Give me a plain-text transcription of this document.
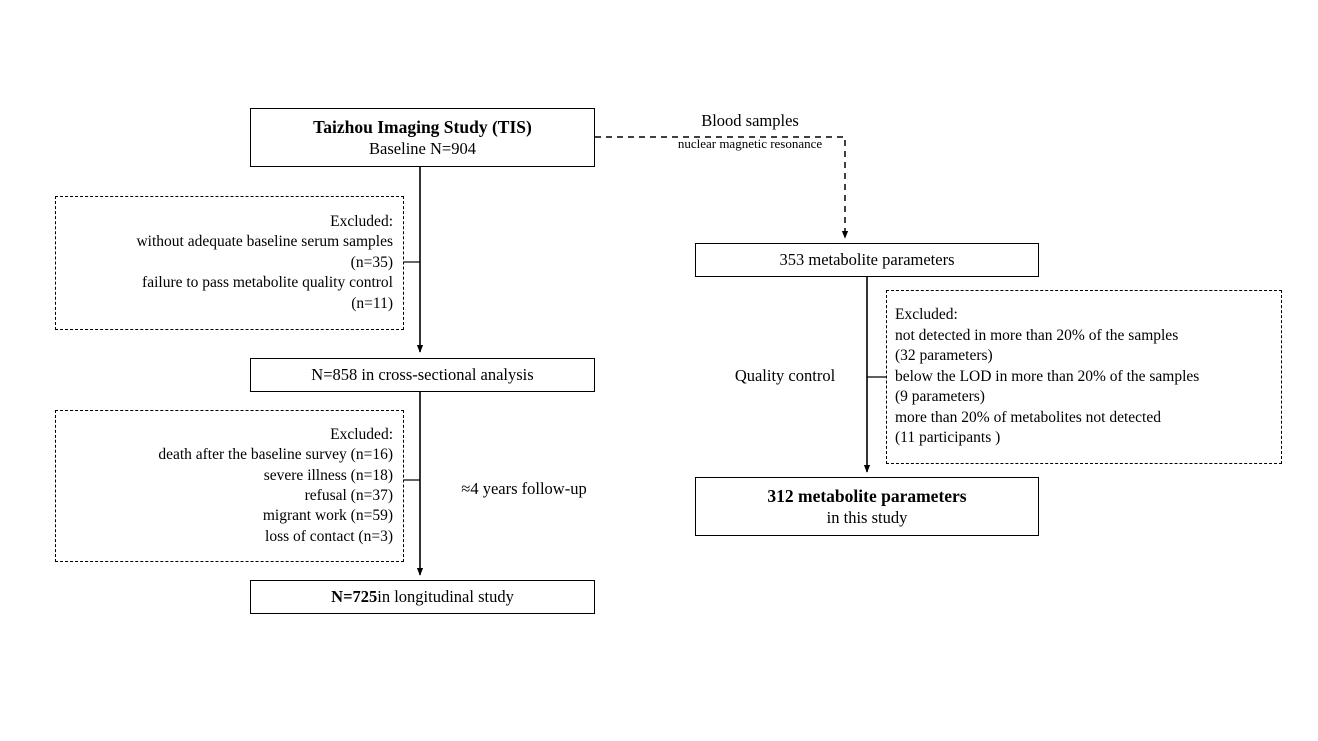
Taizhou Imaging Study (TIS)
Baseline N=904
Excluded:
without adequate baseline serum samples
(n=35)
failure to pass metabolite quality control
(n=11)
N=858 in cross-sectional analysis
Excluded:
death after the baseline survey (n=16)
severe illness (n=18)
refusal (n=37)
migrant work (n=59)
loss of contact (n=3)
N=725 in longitudinal study
≈4 years follow-up
Blood samples
nuclear magnetic resonance
353 metabolite parameters
Excluded:
not detected in more than 20% of the samples
(32 parameters)
below the LOD in more than 20% of the samples
(9 parameters)
more than 20% of metabolites not detected
(11 participants )
Quality control
312 metabolite parameters
in this study
